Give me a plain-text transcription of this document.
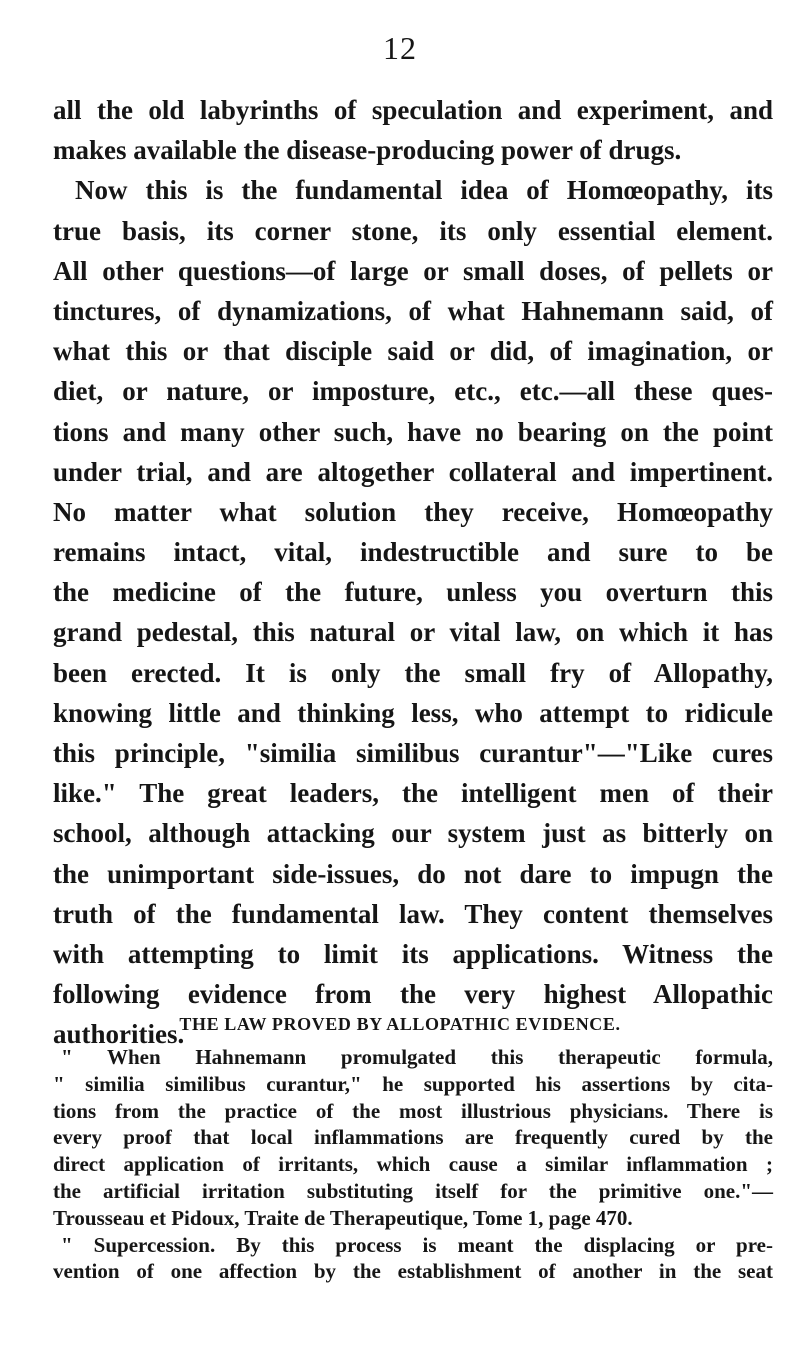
12
all the old labyrinths of speculation and experiment, and
makes available the disease-producing power of drugs.
Now this is the fundamental idea of Homœopathy, its
true basis, its corner stone, its only essential element.
All other questions—of large or small doses, of pellets or
tinctures, of dynamizations, of what Hahnemann said, of
what this or that disciple said or did, of imagination, or
diet, or nature, or imposture, etc., etc.—all these ques-
tions and many other such, have no bearing on the point
under trial, and are altogether collateral and impertinent.
No matter what solution they receive, Homœopathy
remains intact, vital, indestructible and sure to be
the medicine of the future, unless you overturn this
grand pedestal, this natural or vital law, on which it has
been erected. It is only the small fry of Allopathy,
knowing little and thinking less, who attempt to ridicule
this principle, "similia similibus curantur"—"Like cures
like." The great leaders, the intelligent men of their
school, although attacking our system just as bitterly on
the unimportant side-issues, do not dare to impugn the
truth of the fundamental law. They content themselves
with attempting to limit its applications. Witness the
following evidence from the very highest Allopathic
authorities.
THE LAW PROVED BY ALLOPATHIC EVIDENCE.
" When Hahnemann promulgated this therapeutic formula,
" similia similibus curantur," he supported his assertions by cita-
tions from the practice of the most illustrious physicians. There is
every proof that local inflammations are frequently cured by the
direct application of irritants, which cause a similar inflammation ;
the artificial irritation substituting itself for the primitive one."—
Trousseau et Pidoux, Traite de Therapeutique, Tome 1, page 470.
" Supercession. By this process is meant the displacing or pre-
vention of one affection by the establishment of another in the seat
